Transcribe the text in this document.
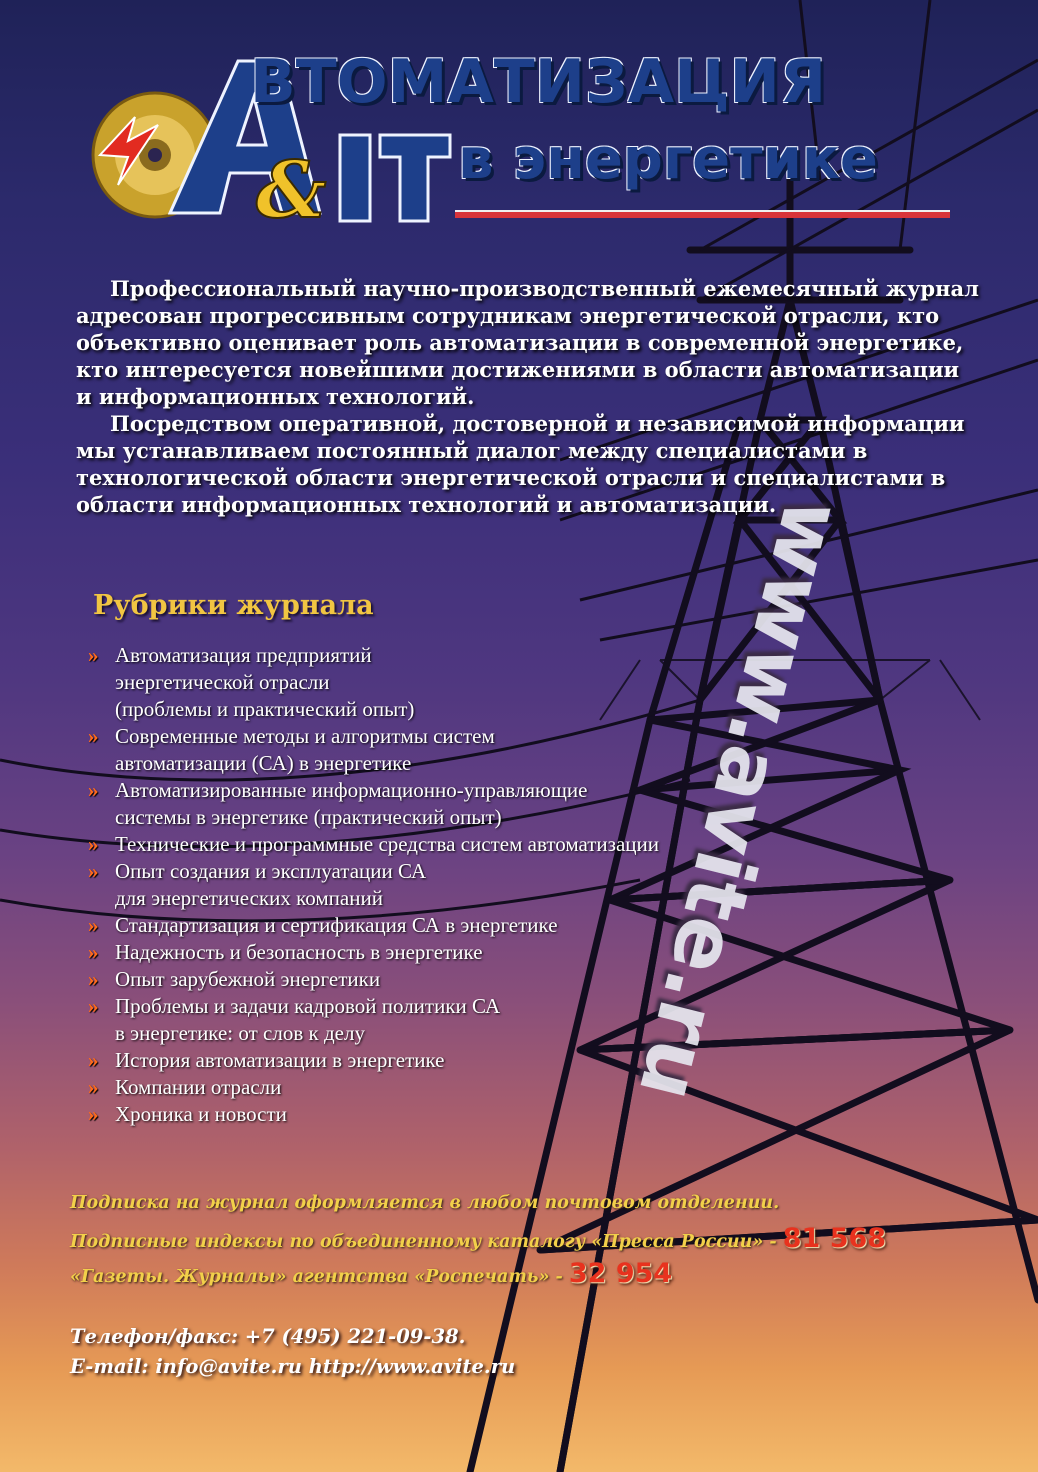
&
ВТОМАТИЗАЦИЯ
в энергетике

Профессиональный научно-производственный ежемесячный журнал адресован прогрессивным сотрудникам энергетической отрасли, кто объективно оценивает роль автоматизации в современной энергетике, кто интересуется новейшими достижениями в области автоматизации и информационных технологий.

Посредством оперативной, достоверной и независимой информации мы устанавливаем постоянный диалог между специалистами в технологической области энергетической отрасли и специалистами в области информационных технологий и автоматизации.

Рубрики журнала
» Автоматизация предприятий
энергетической отрасли
(проблемы и практический опыт)
» Современные методы и алгоритмы систем
автоматизации (СА) в энергетике
» Автоматизированные информационно-управляющие
системы в энергетике (практический опыт)
» Технические и программные средства систем автоматизации
» Опыт создания и эксплуатации СА
для энергетических компаний
» Стандартизация и сертификация СА в энергетике
» Надежность и безопасность в энергетике
» Опыт зарубежной энергетики
» Проблемы и задачи кадровой политики СА
в энергетике: от слов к делу
» История автоматизации в энергетике
» Компании отрасли
» Хроника и новости
www.avite.ru
Подписка на журнал оформляется в любом почтовом отделении.
Подписные индексы по объединенному каталогу «Пресса России» - 81 568
«Газеты. Журналы» агентства «Роспечать» - 32 954
Телефон/факс: +7 (495) 221-09-38.
E-mail: info@avite.ru http://www.avite.ru
